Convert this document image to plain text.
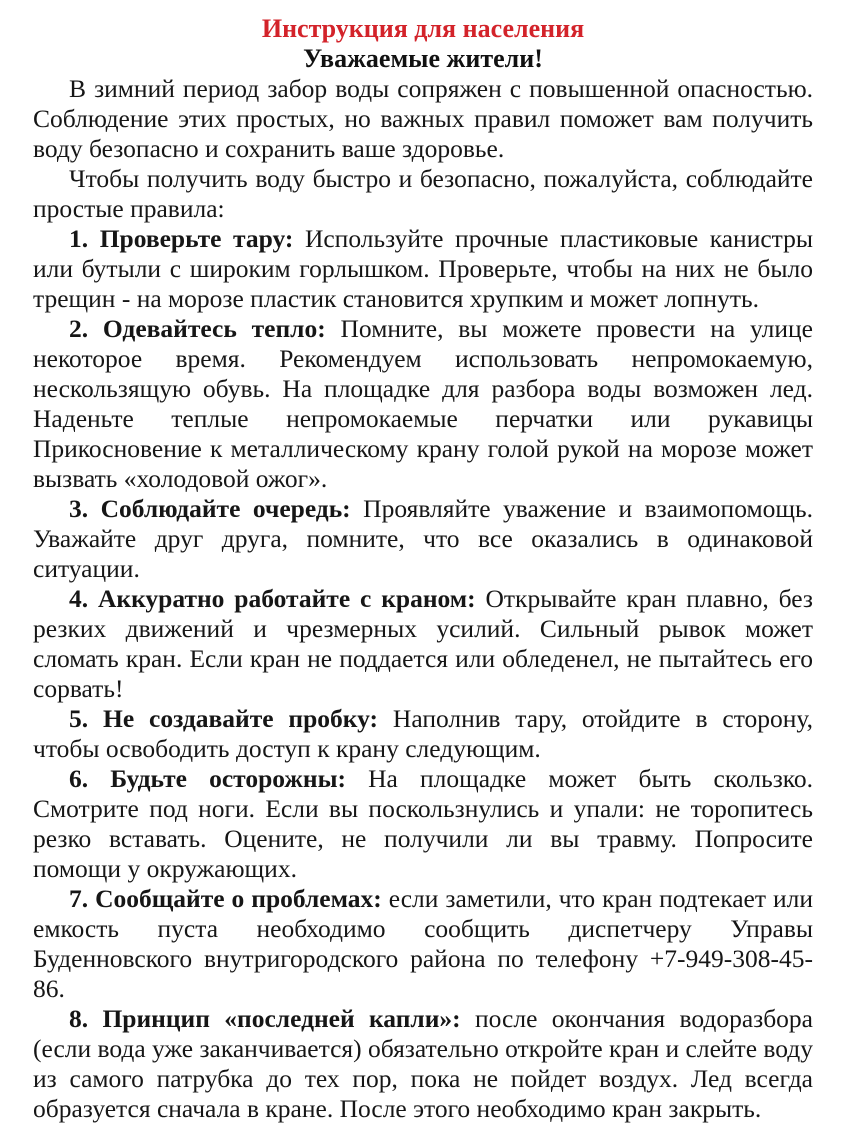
Инструкция для населения
Уважаемые жители!

В зимний период забор воды сопряжен с повышенной опасностью. Соблюдение этих простых, но важных правил поможет вам получить воду безопасно и сохранить ваше здоровье.

Чтобы получить воду быстро и безопасно, пожалуйста, соблюдайте простые правила:

1. Проверьте тару: Используйте прочные пластиковые канистры или бутыли с широким горлышком. Проверьте, чтобы на них не было трещин - на морозе пластик становится хрупким и может лопнуть.

2. Одевайтесь тепло: Помните, вы можете провести на улице некоторое время. Рекомендуем использовать непромокаемую, нескользящую обувь. На площадке для разбора воды возможен лед. Наденьте теплые непромокаемые перчатки или рукавицы Прикосновение к металлическому крану голой рукой на морозе может вызвать «холодовой ожог».

3. Соблюдайте очередь: Проявляйте уважение и взаимопомощь. Уважайте друг друга, помните, что все оказались в одинаковой ситуации.

4. Аккуратно работайте с краном: Открывайте кран плавно, без резких движений и чрезмерных усилий. Сильный рывок может сломать кран. Если кран не поддается или обледенел, не пытайтесь его сорвать!

5. Не создавайте пробку: Наполнив тару, отойдите в сторону, чтобы освободить доступ к крану следующим.

6. Будьте осторожны: На площадке может быть скользко. Смотрите под ноги. Если вы поскользнулись и упали: не торопитесь резко вставать. Оцените, не получили ли вы травму. Попросите помощи у окружающих.

7. Сообщайте о проблемах: если заметили, что кран подтекает или емкость пуста необходимо сообщить диспетчеру Управы Буденновского внутригородского района по телефону +7-949-308-45-86.

8. Принцип «последней капли»: после окончания водоразбора (если вода уже заканчивается) обязательно откройте кран и слейте воду из самого патрубка до тех пор, пока не пойдет воздух. Лед всегда образуется сначала в кране. После этого необходимо кран закрыть.
